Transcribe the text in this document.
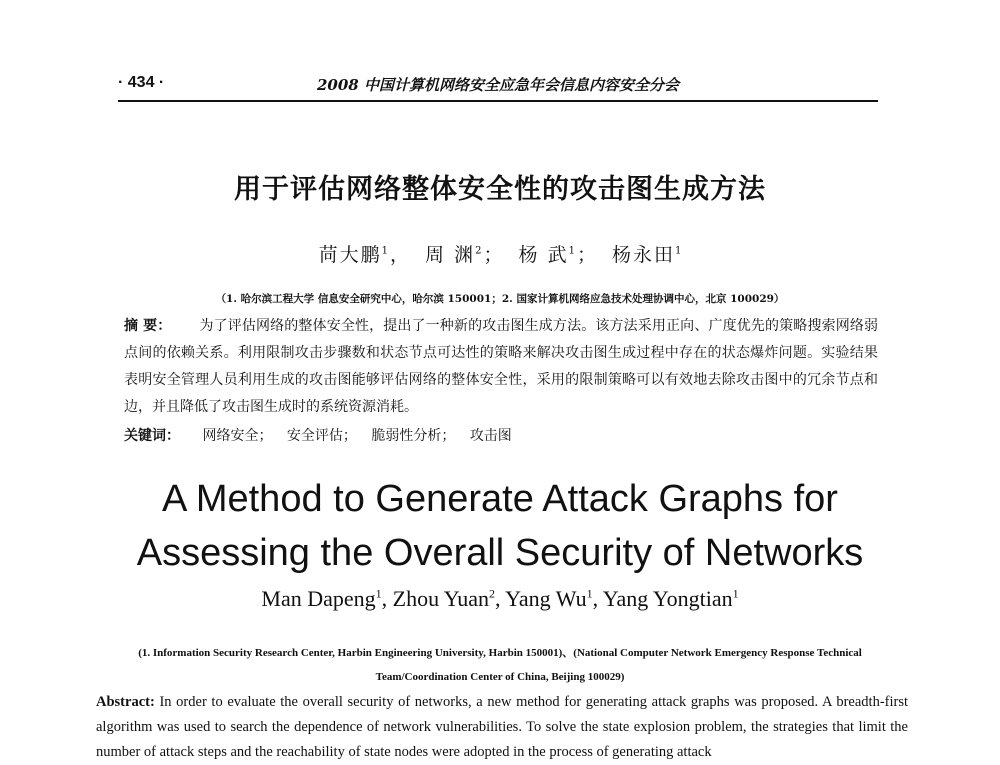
· 434 ·	2008 中国计算机网络安全应急年会信息内容安全分会
用于评估网络整体安全性的攻击图生成方法
苘大鹏$^1$ ， 周 渊$^2$ ； 杨 武$^1$ ； 杨永田$^1$
（1. 哈尔滨工程大学 信息安全研究中心，哈尔滨 150001；2. 国家计算机网络应急技术处理协调中心，北京 100029）
摘 要： 为了评估网络的整体安全性，提出了一种新的攻击图生成方法。该方法采用正向、广度优先的策略搜索网络弱点间的依赖关系。利用限制攻击步骤数和状态节点可达性的策略来解决攻击图生成过程中存在的状态爆炸问题。实验结果表明安全管理人员利用生成的攻击图能够评估网络的整体安全性，采用的限制策略可以有效地去除攻击图中的冗余节点和边，并且降低了攻击图生成时的系统资源消耗。
关键词： 网络安全； 安全评估； 脆弱性分析； 攻击图
A Method to Generate Attack Graphs for
Assessing the Overall Security of Networks
Man Dapeng$^1$, Zhou Yuan$^2$, Yang Wu$^1$, Yang Yongtian$^1$
(1. Information Security Research Center, Harbin Engineering University, Harbin 150001)、(National Computer Network Emergency Response Technical
Team/Coordination Center of China, Beijing 100029)
Abstract: In order to evaluate the overall security of networks, a new method for generating attack graphs was proposed. A breadth-first algorithm was used to search the dependence of network vulnerabilities. To solve the state explosion problem, the strategies that limit the number of attack steps and the reachability of state nodes were adopted in the process of generating attack
